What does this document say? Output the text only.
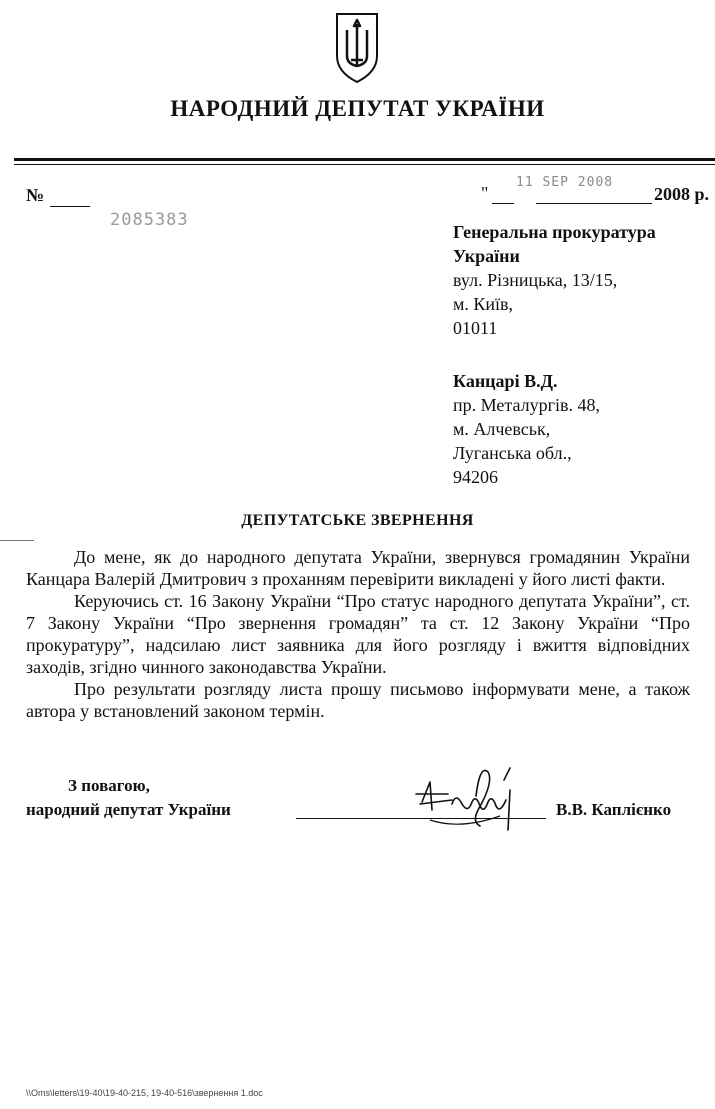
НАРОДНИЙ ДЕПУТАТ УКРАЇНИ
№
2085383
"
11 SEP 2008
2008 р.
Генеральна прокуратура
України
вул. Різницька, 13/15,
м. Київ,
01011
Канцарі В.Д.
пр. Металургів. 48,
м. Алчевськ,
Луганська обл.,
94206
ДЕПУТАТСЬКЕ ЗВЕРНЕННЯ

До мене, як до народного депутата України, звернувся громадянин України Канцара Валерій Дмитрович з проханням перевірити викладені у його листі факти.

Керуючись ст. 16 Закону України “Про статус народного депутата України”, ст. 7 Закону України “Про звернення громадян” та ст. 12 Закону України “Про прокуратуру”, надсилаю лист заявника для його розгляду і вжиття відповідних заходів, згідно чинного законодавства України.

Про результати розгляду листа прошу письмово інформувати мене, а також автора у встановлений законом термін.

З повагою,
народний депутат України	В.В. Каплієнко
\\Oms\letters\19-40\19-40-215, 19-40-516\звернення 1.doc
